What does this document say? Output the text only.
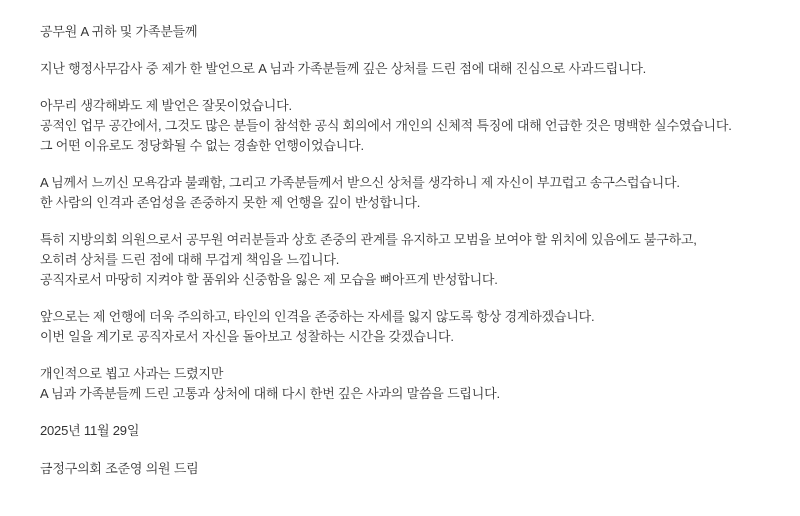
공무원 A 귀하 및 가족분들께

지난 행정사무감사 중 제가 한 발언으로 A 님과 가족분들께 깊은 상처를 드린 점에 대해 진심으로 사과드립니다.

아무리 생각해봐도 제 발언은 잘못이었습니다.

공적인 업무 공간에서, 그것도 많은 분들이 참석한 공식 회의에서 개인의 신체적 특징에 대해 언급한 것은 명백한 실수였습니다.

그 어떤 이유로도 정당화될 수 없는 경솔한 언행이었습니다.

A 님께서 느끼신 모욕감과 불쾌함, 그리고 가족분들께서 받으신 상처를 생각하니 제 자신이 부끄럽고 송구스럽습니다.

한 사람의 인격과 존엄성을 존중하지 못한 제 언행을 깊이 반성합니다.

특히 지방의회 의원으로서 공무원 여러분들과 상호 존중의 관계를 유지하고 모범을 보여야 할 위치에 있음에도 불구하고,

오히려 상처를 드린 점에 대해 무겁게 책임을 느낍니다.

공직자로서 마땅히 지켜야 할 품위와 신중함을 잃은 제 모습을 뼈아프게 반성합니다.

앞으로는 제 언행에 더욱 주의하고, 타인의 인격을 존중하는 자세를 잃지 않도록 항상 경계하겠습니다.

이번 일을 계기로 공직자로서 자신을 돌아보고 성찰하는 시간을 갖겠습니다.

개인적으로 뵙고 사과는 드렸지만

A 님과 가족분들께 드린 고통과 상처에 대해 다시 한번 깊은 사과의 말씀을 드립니다.

2025년 11월 29일

금정구의회 조준영 의원 드림
